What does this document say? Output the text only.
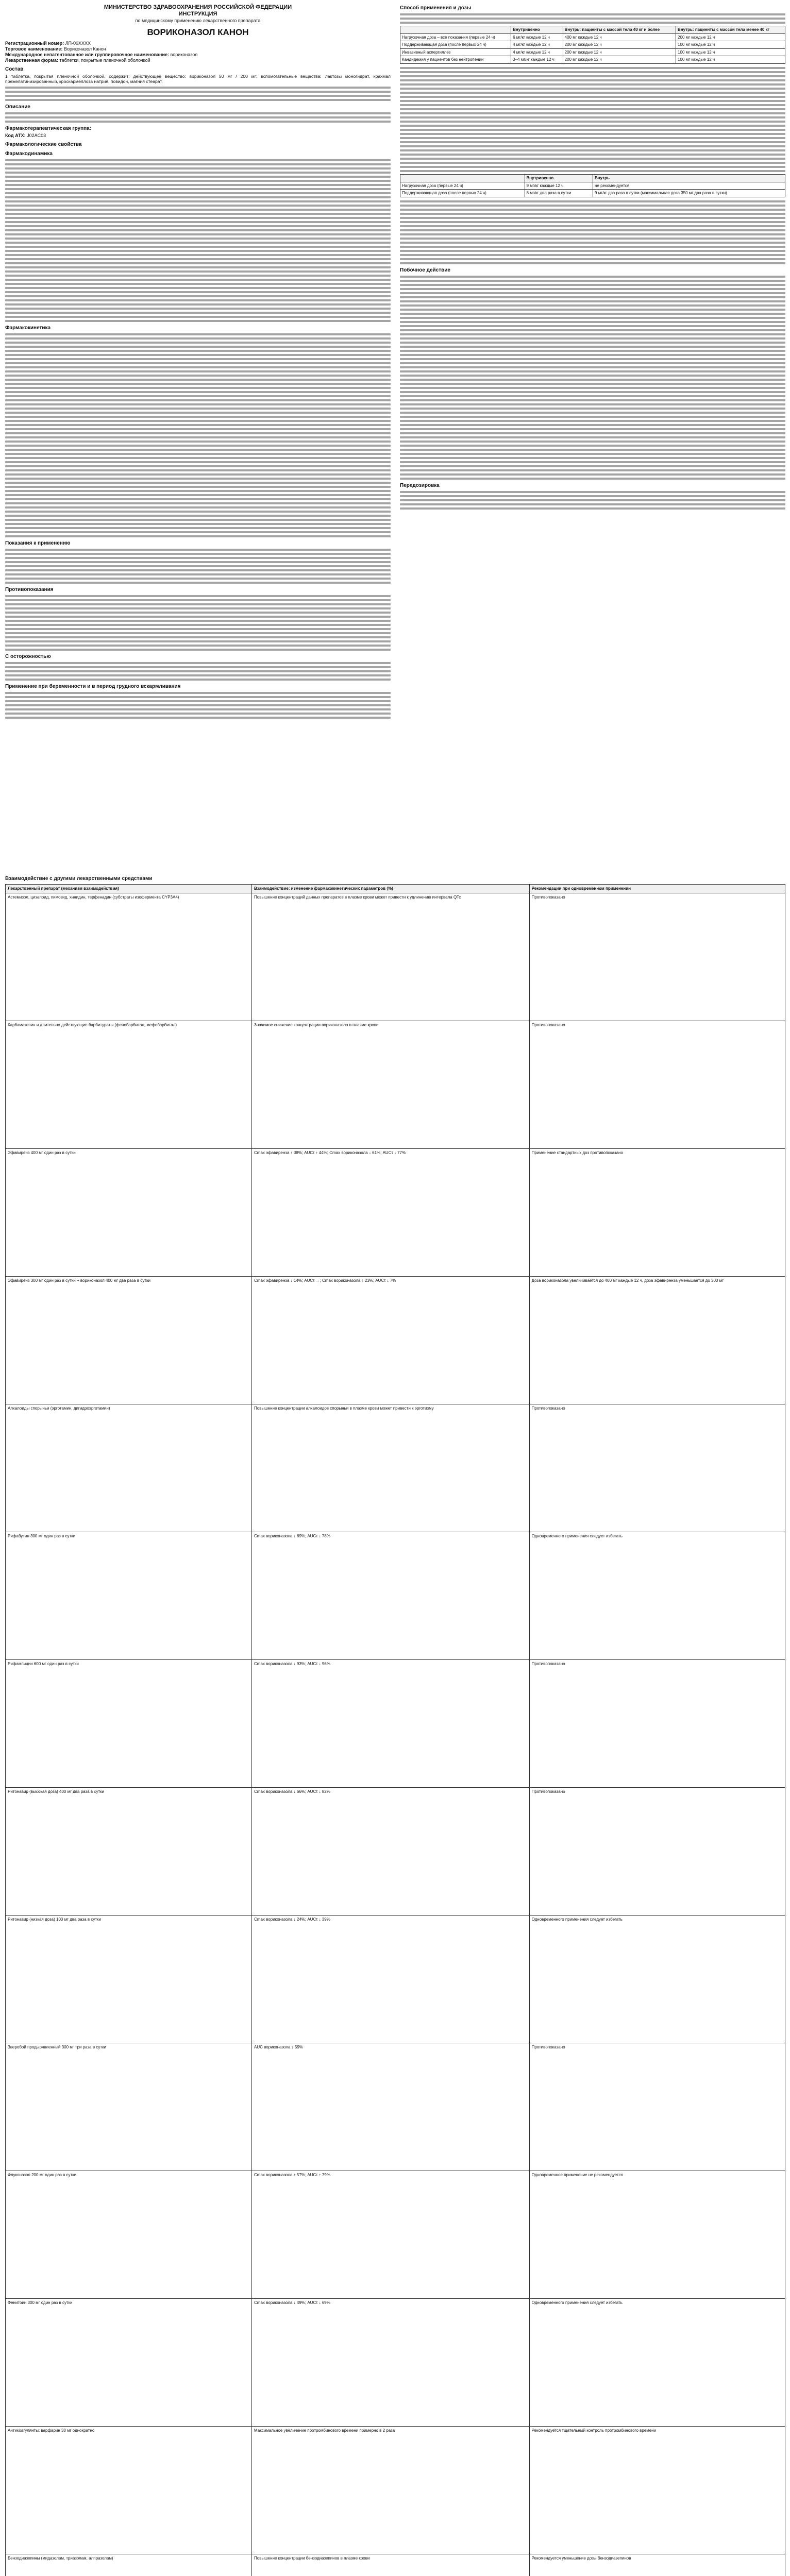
МИНИСТЕРСТВО ЗДРАВООХРАНЕНИЯ РОССИЙСКОЙ ФЕДЕРАЦИИ
ИНСТРУКЦИЯ
по медицинскому применению лекарственного препарата
ВОРИКОНАЗОЛ КАНОН
Регистрационный номер: ЛП-00XXXX
Торговое наименование: Вориконазол Канон
Международное непатентованное или группировочное наименование: вориконазол
Лекарственная форма: таблетки, покрытые пленочной оболочкой
Состав

1 таблетка, покрытая пленочной оболочкой, содержит: действующее вещество: вориконазол 50 мг / 200 мг; вспомогательные вещества: лактозы моногидрат, крахмал прежелатинизированный, кроскармеллоза натрия, повидон, магния стеарат.

Описание
Фармакотерапевтическая группа:
Код АТХ: J02AC03
Фармакологические свойства
Фармакодинамика
Фармакокинетика
Показания к применению
Противопоказания
С осторожностью
Применение при беременности и в период грудного вскармливания
Способ применения и дозы
	Внутривенно	Внутрь: пациенты с массой тела 40 кг и более	Внутрь: пациенты с массой тела менее 40 кг
Нагрузочная доза – все показания (первые 24 ч)	6 мг/кг каждые 12 ч	400 мг каждые 12 ч	200 мг каждые 12 ч
Поддерживающая доза (после первых 24 ч)	4 мг/кг каждые 12 ч	200 мг каждые 12 ч	100 мг каждые 12 ч
Инвазивный аспергиллез	4 мг/кг каждые 12 ч	200 мг каждые 12 ч	100 мг каждые 12 ч
Кандидемия у пациентов без нейтропении	3–4 мг/кг каждые 12 ч	200 мг каждые 12 ч	100 мг каждые 12 ч
	Внутривенно	Внутрь
Нагрузочная доза (первые 24 ч)	9 мг/кг каждые 12 ч	не рекомендуется
Поддерживающая доза (после первых 24 ч)	8 мг/кг два раза в сутки	9 мг/кг два раза в сутки (максимальная доза 350 мг два раза в сутки)
Побочное действие
Передозировка
Взаимодействие с другими лекарственными средствами
Лекарственный препарат (механизм взаимодействия)	Взаимодействие: изменение фармакокинетических параметров (%)	Рекомендации при одновременном применении

Астемизол, цизаприд, пимозид, хинидин, терфенадин (субстраты изофермента CYP3A4)	Повышение концентраций данных препаратов в плазме крови может привести к удлинению интервала QTc	Противопоказано

Карбамазепин и длительно действующие барбитураты (фенобарбитал, мефобарбитал)	Значимое снижение концентрации вориконазола в плазме крови	Противопоказано

Эфавиренз 400 мг один раз в сутки	Cmax эфавиренза ↑ 38%; AUCτ ↑ 44%; Cmax вориконазола ↓ 61%; AUCτ ↓ 77%	Применение стандартных доз противопоказано

Эфавиренз 300 мг один раз в сутки + вориконазол 400 мг два раза в сутки	Cmax эфавиренза ↓ 14%; AUCτ ↔; Cmax вориконазола ↑ 23%; AUCτ ↓ 7%	Доза вориконазола увеличивается до 400 мг каждые 12 ч, доза эфавиренза уменьшается до 300 мг

Алкалоиды спорыньи (эрготамин, дигидроэрготамин)	Повышение концентрации алкалоидов спорыньи в плазме крови может привести к эрготизму	Противопоказано

Рифабутин 300 мг один раз в сутки	Cmax вориконазола ↓ 69%; AUCτ ↓ 78%	Одновременного применения следует избегать

Рифампицин 600 мг один раз в сутки	Cmax вориконазола ↓ 93%; AUCτ ↓ 96%	Противопоказано

Ритонавир (высокая доза) 400 мг два раза в сутки	Cmax вориконазола ↓ 66%; AUCτ ↓ 82%	Противопоказано

Ритонавир (низкая доза) 100 мг два раза в сутки	Cmax вориконазола ↓ 24%; AUCτ ↓ 39%	Одновременного применения следует избегать

Зверобой продырявленный 300 мг три раза в сутки	AUC вориконазола ↓ 59%	Противопоказано

Флуконазол 200 мг один раз в сутки	Cmax вориконазола ↑ 57%; AUCτ ↑ 79%	Одновременное применение не рекомендуется

Фенитоин 300 мг один раз в сутки	Cmax вориконазола ↓ 49%; AUCτ ↓ 69%	Одновременного применения следует избегать

Антикоагулянты: варфарин 30 мг однократно	Максимальное увеличение протромбинового времени примерно в 2 раза	Рекомендуется тщательный контроль протромбинового времени

Бензодиазепины (мидазолам, триазолам, алпразолам)	Повышение концентрации бензодиазепинов в плазме крови	Рекомендуется уменьшение дозы бензодиазепинов
